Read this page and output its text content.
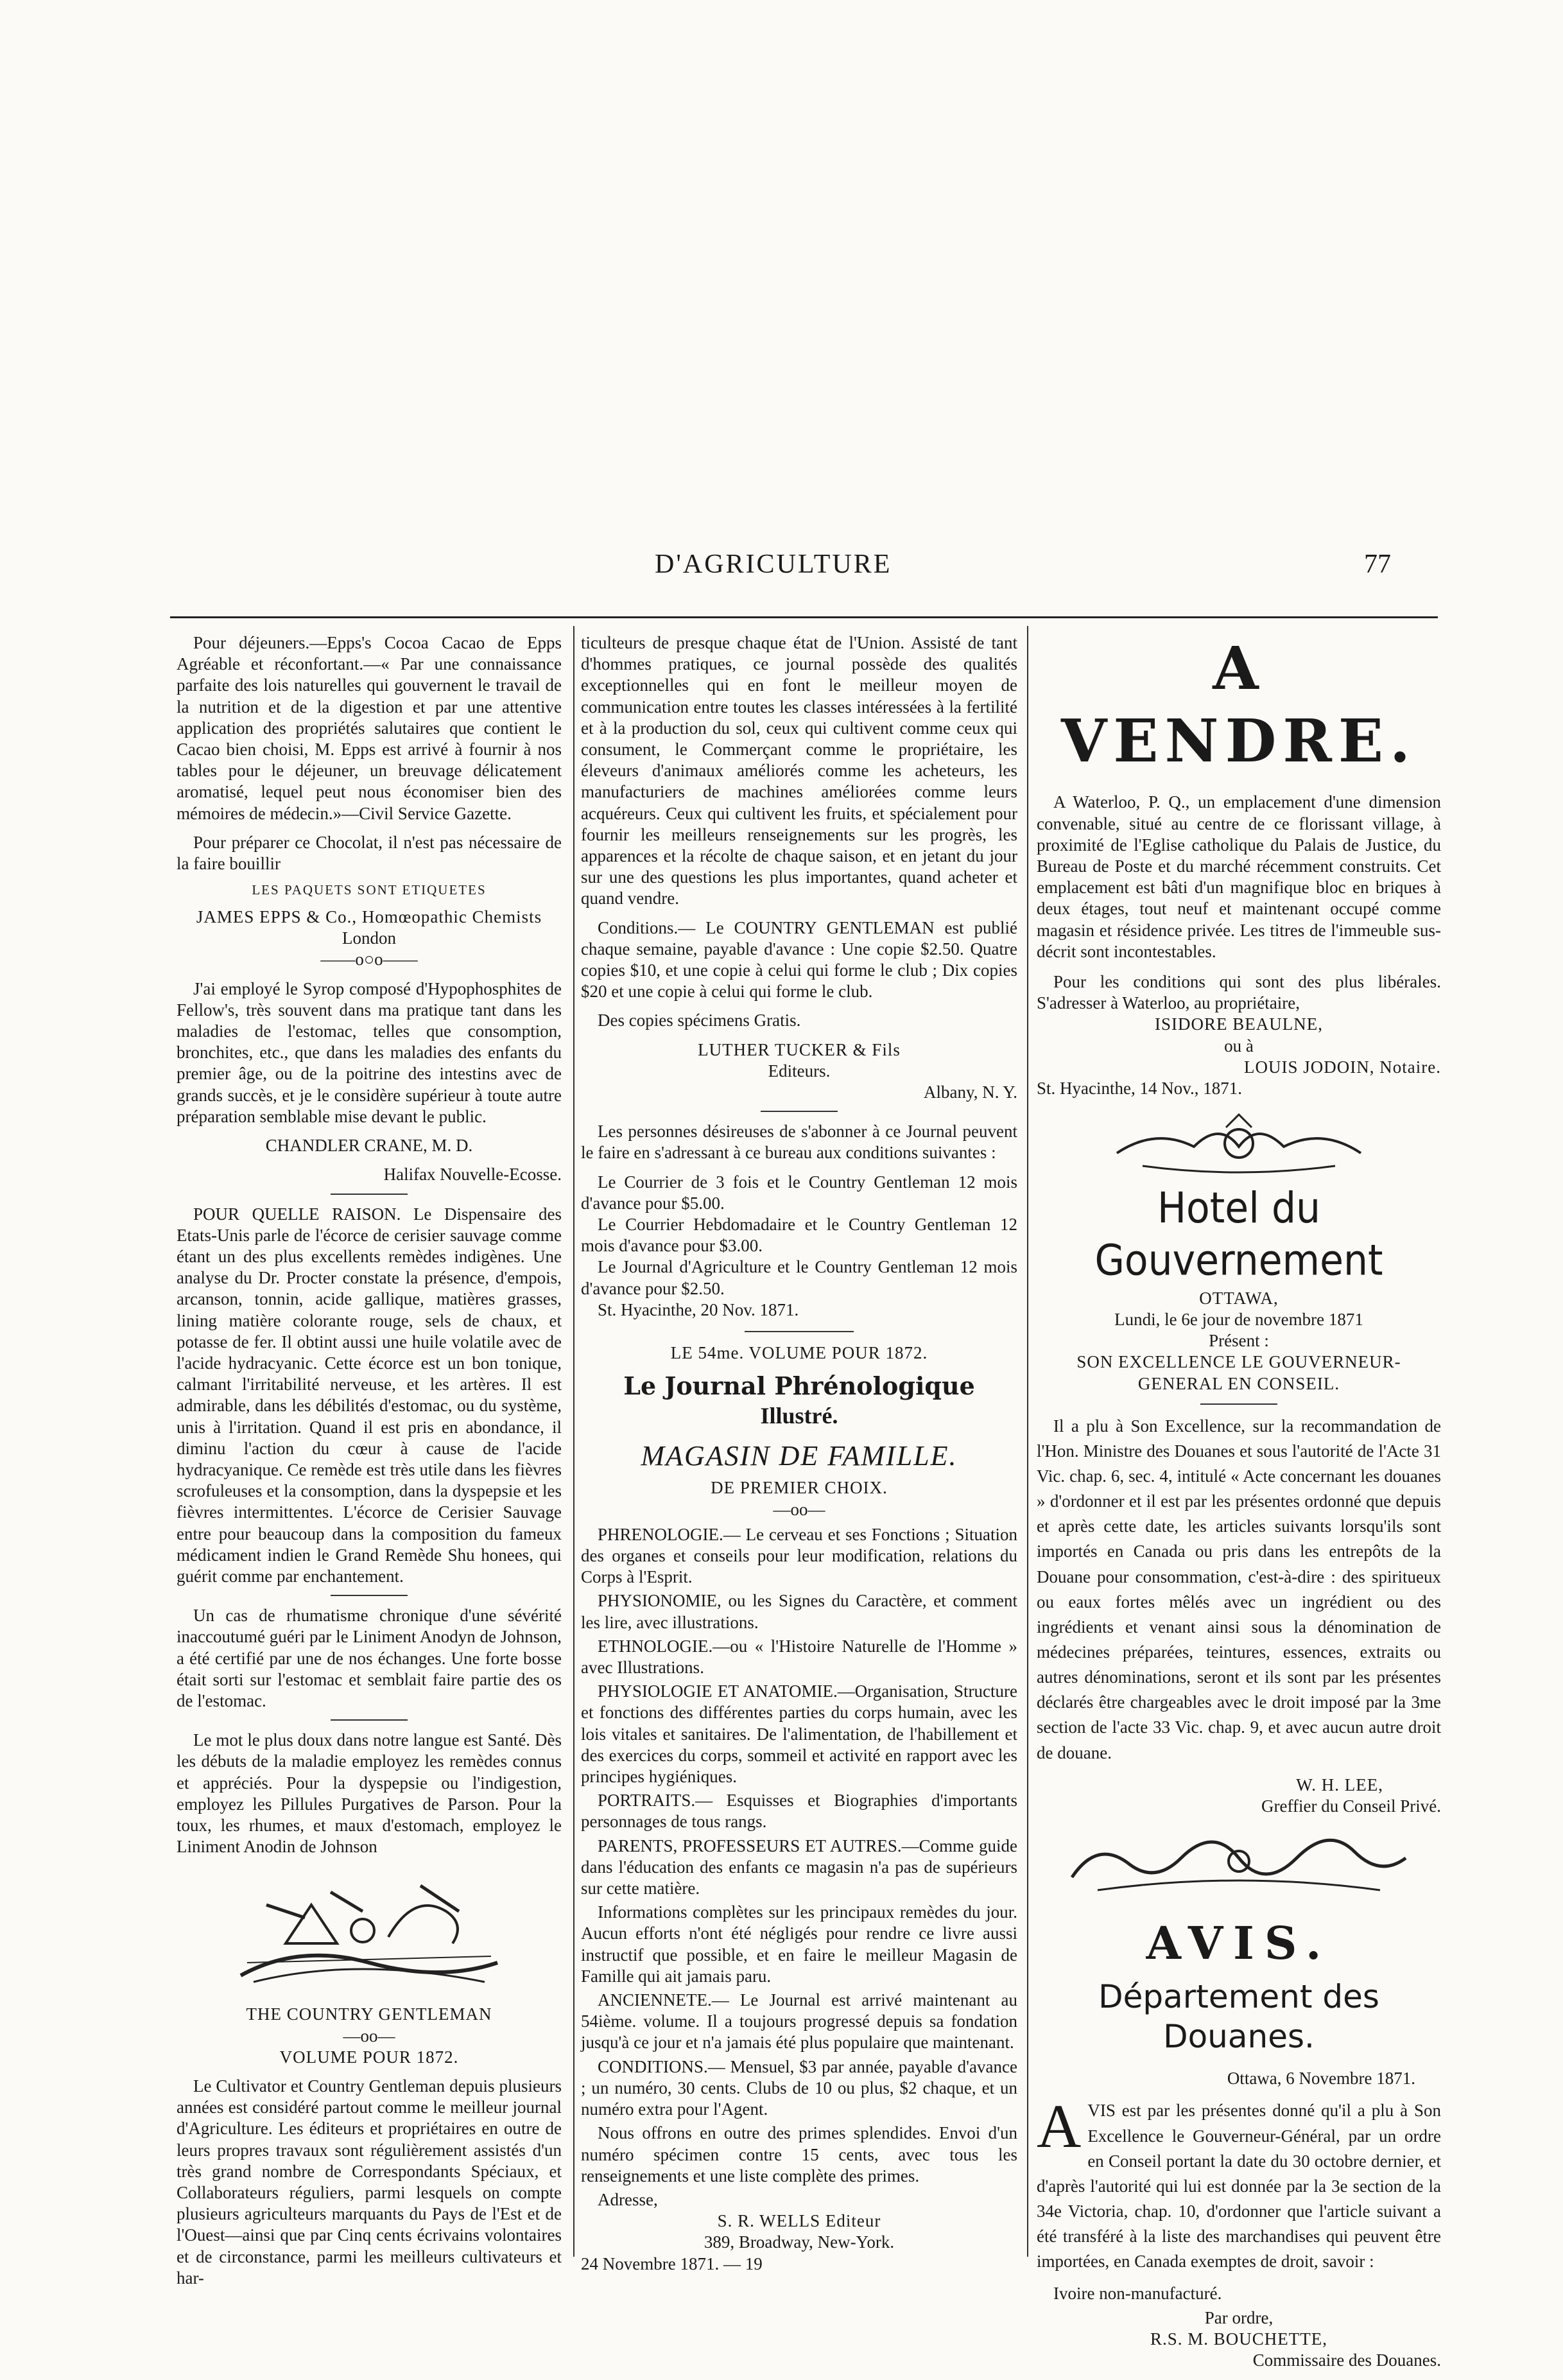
D'AGRICULTURE	77

Pour déjeuners.—Epps's Cocoa Cacao de Epps Agréable et réconfortant.—« Par une connaissance parfaite des lois naturelles qui gouvernent le travail de la nutrition et de la digestion et par une attentive application des propriétés salutaires que contient le Cacao bien choisi, M. Epps est arrivé à fournir à nos tables pour le déjeuner, un breuvage délicatement aromatisé, lequel peut nous économiser bien des mémoires de médecin.»—Civil Service Gazette.

Pour préparer ce Chocolat, il n'est pas nécessaire de la faire bouillir

LES PAQUETS SONT ETIQUETES

JAMES EPPS & Co., Homœopathic Chemists

London

——o○o——

J'ai employé le Syrop composé d'Hypophosphites de Fellow's, très souvent dans ma pratique tant dans les maladies de l'estomac, telles que consomption, bronchites, etc., que dans les maladies des enfants du premier âge, ou de la poitrine des intestins avec de grands succès, et je le considère supérieur à toute autre préparation semblable mise devant le public.

CHANDLER CRANE, M. D.

Halifax Nouvelle-Ecosse.

POUR QUELLE RAISON. Le Dispensaire des Etats-Unis parle de l'écorce de cerisier sauvage comme étant un des plus excellents remèdes indigènes. Une analyse du Dr. Procter constate la présence, d'empois, arcanson, tonnin, acide gallique, matières grasses, lining matière colorante rouge, sels de chaux, et potasse de fer. Il obtint aussi une huile volatile avec de l'acide hydracyanic. Cette écorce est un bon tonique, calmant l'irritabilité nerveuse, et les artères. Il est admirable, dans les débilités d'estomac, ou du système, unis à l'irritation. Quand il est pris en abondance, il diminu l'action du cœur à cause de l'acide hydracyanique. Ce remède est très utile dans les fièvres scrofuleuses et la consomption, dans la dyspepsie et les fièvres intermittentes. L'écorce de Cerisier Sauvage entre pour beaucoup dans la composition du fameux médicament indien le Grand Remède Shu honees, qui guérit comme par enchantement.

Un cas de rhumatisme chronique d'une sévérité inaccoutumé guéri par le Liniment Anodyn de Johnson, a été certifié par une de nos échanges. Une forte bosse était sorti sur l'estomac et semblait faire partie des os de l'estomac.

Le mot le plus doux dans notre langue est Santé. Dès les débuts de la maladie employez les remèdes connus et appréciés. Pour la dyspepsie ou l'indigestion, employez les Pillules Purgatives de Parson. Pour la toux, les rhumes, et maux d'estomach, employez le Liniment Anodin de Johnson

THE COUNTRY GENTLEMAN

—oo—

VOLUME POUR 1872.

Le Cultivator et Country Gentleman depuis plusieurs années est considéré partout comme le meilleur journal d'Agriculture. Les éditeurs et propriétaires en outre de leurs propres travaux sont régulièrement assistés d'un très grand nombre de Correspondants Spéciaux, et Collaborateurs réguliers, parmi lesquels on compte plusieurs agriculteurs marquants du Pays de l'Est et de l'Ouest—ainsi que par Cinq cents écrivains volontaires et de circonstance, parmi les meilleurs cultivateurs et har-

ticulteurs de presque chaque état de l'Union. Assisté de tant d'hommes pratiques, ce journal possède des qualités exceptionnelles qui en font le meilleur moyen de communication entre toutes les classes intéressées à la fertilité et à la production du sol, ceux qui cultivent comme ceux qui consument, le Commerçant comme le propriétaire, les éleveurs d'animaux améliorés comme les acheteurs, les manufacturiers de machines améliorées comme leurs acquéreurs. Ceux qui cultivent les fruits, et spécialement pour fournir les meilleurs renseignements sur les progrès, les apparences et la récolte de chaque saison, et en jetant du jour sur une des questions les plus importantes, quand acheter et quand vendre.

Conditions.— Le COUNTRY GENTLEMAN est publié chaque semaine, payable d'avance : Une copie $2.50. Quatre copies $10, et une copie à celui qui forme le club ; Dix copies $20 et une copie à celui qui forme le club.

Des copies spécimens Gratis.

LUTHER TUCKER & Fils

Editeurs.

Albany, N. Y.

Les personnes désireuses de s'abonner à ce Journal peuvent le faire en s'adressant à ce bureau aux conditions suivantes :

Le Courrier de 3 fois et le Country Gentleman 12 mois d'avance pour $5.00.

Le Courrier Hebdomadaire et le Country Gentleman 12 mois d'avance pour $3.00.

Le Journal d'Agriculture et le Country Gentleman 12 mois d'avance pour $2.50.

St. Hyacinthe, 20 Nov. 1871.

LE 54me. VOLUME POUR 1872.

Le Journal Phrénologique
Illustré.
MAGASIN DE FAMILLE.

DE PREMIER CHOIX.

—oo—

PHRENOLOGIE.— Le cerveau et ses Fonctions ; Situation des organes et conseils pour leur modification, relations du Corps à l'Esprit.

PHYSIONOMIE, ou les Signes du Caractère, et comment les lire, avec illustrations.

ETHNOLOGIE.—ou « l'Histoire Naturelle de l'Homme » avec Illustrations.

PHYSIOLOGIE ET ANATOMIE.—Organisation, Structure et fonctions des différentes parties du corps humain, avec les lois vitales et sanitaires. De l'alimentation, de l'habillement et des exercices du corps, sommeil et activité en rapport avec les principes hygiéniques.

PORTRAITS.— Esquisses et Biographies d'importants personnages de tous rangs.

PARENTS, PROFESSEURS ET AUTRES.—Comme guide dans l'éducation des enfants ce magasin n'a pas de supérieurs sur cette matière.

Informations complètes sur les principaux remèdes du jour. Aucun efforts n'ont été négligés pour rendre ce livre aussi instructif que possible, et en faire le meilleur Magasin de Famille qui ait jamais paru.

ANCIENNETE.— Le Journal est arrivé maintenant au 54ième. volume. Il a toujours progressé depuis sa fondation jusqu'à ce jour et n'a jamais été plus populaire que maintenant.

CONDITIONS.— Mensuel, $3 par année, payable d'avance ; un numéro, 30 cents. Clubs de 10 ou plus, $2 chaque, et un numéro extra pour l'Agent.

Nous offrons en outre des primes splendides. Envoi d'un numéro spécimen contre 15 cents, avec tous les renseignements et une liste complète des primes.

Adresse,

S. R. WELLS Editeur

389, Broadway, New-York.

24 Novembre 1871. — 19

A VENDRE.

A Waterloo, P. Q., un emplacement d'une dimension convenable, situé au centre de ce florissant village, à proximité de l'Eglise catholique du Palais de Justice, du Bureau de Poste et du marché récemment construits. Cet emplacement est bâti d'un magnifique bloc en briques à deux étages, tout neuf et maintenant occupé comme magasin et résidence privée. Les titres de l'immeuble sus-décrit sont incontestables.

Pour les conditions qui sont des plus libérales. S'adresser à Waterloo, au propriétaire,

ISIDORE BEAULNE,

ou à

LOUIS JODOIN, Notaire.

St. Hyacinthe, 14 Nov., 1871.

Hotel du Gouvernement

OTTAWA,

Lundi, le 6e jour de novembre 1871

Présent :

SON EXCELLENCE LE GOUVERNEUR-GENERAL EN CONSEIL.

Il a plu à Son Excellence, sur la recommandation de l'Hon. Ministre des Douanes et sous l'autorité de l'Acte 31 Vic. chap. 6, sec. 4, intitulé « Acte concernant les douanes » d'ordonner et il est par les présentes ordonné que depuis et après cette date, les articles suivants lorsqu'ils sont importés en Canada ou pris dans les entrepôts de la Douane pour consommation, c'est-à-dire : des spiritueux ou eaux fortes mêlés avec un ingrédient ou des ingrédients et venant ainsi sous la dénomination de médecines préparées, teintures, essences, extraits ou autres dénominations, seront et ils sont par les présentes déclarés être chargeables avec le droit imposé par la 3me section de l'acte 33 Vic. chap. 9, et avec aucun autre droit de douane.

W. H. LEE,

Greffier du Conseil Privé.

AVIS.
Département des Douanes.

Ottawa, 6 Novembre 1871.

AVIS est par les présentes donné qu'il a plu à Son Excellence le Gouverneur-Général, par un ordre en Conseil portant la date du 30 octobre dernier, et d'après l'autorité qui lui est donnée par la 3e section de la 34e Victoria, chap. 10, d'ordonner que l'article suivant a été transféré à la liste des marchandises qui peuvent être importées, en Canada exemptes de droit, savoir :

Ivoire non-manufacturé.

Par ordre,

R.S. M. BOUCHETTE,

Commissaire des Douanes.
